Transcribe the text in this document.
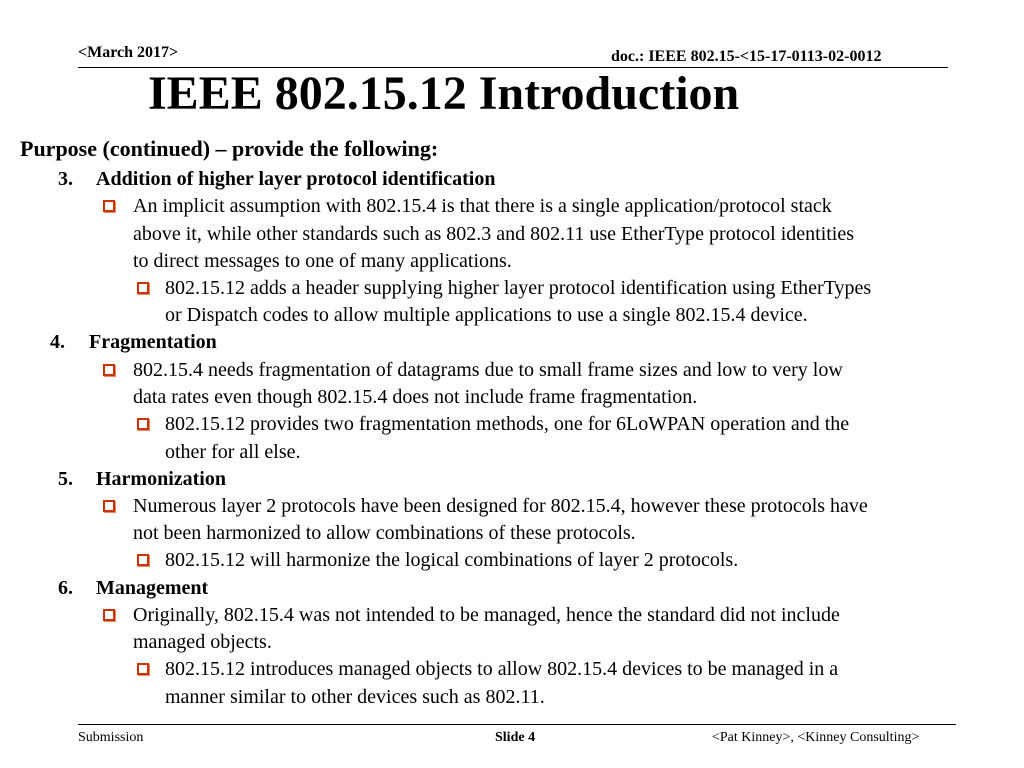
<March 2017>	doc.: IEEE 802.15-<15-17-0113-02-0012
IEEE 802.15.12 Introduction
Purpose (continued) – provide the following:
3. Addition of higher layer protocol identification
An implicit assumption with 802.15.4 is that there is a single application/protocol stack
above it, while other standards such as 802.3 and 802.11 use EtherType protocol identities
to direct messages to one of many applications.
802.15.12 adds a header supplying higher layer protocol identification using EtherTypes
or Dispatch codes to allow multiple applications to use a single 802.15.4 device.
4. Fragmentation
802.15.4 needs fragmentation of datagrams due to small frame sizes and low to very low
data rates even though 802.15.4 does not include frame fragmentation.
802.15.12 provides two fragmentation methods, one for 6LoWPAN operation and the
other for all else.
5. Harmonization
Numerous layer 2 protocols have been designed for 802.15.4, however these protocols have
not been harmonized to allow combinations of these protocols.
802.15.12 will harmonize the logical combinations of layer 2 protocols.
6. Management
Originally, 802.15.4 was not intended to be managed, hence the standard did not include
managed objects.
802.15.12 introduces managed objects to allow 802.15.4 devices to be managed in a
manner similar to other devices such as 802.11.
Submission	Slide 4	<Pat Kinney>, <Kinney Consulting>
